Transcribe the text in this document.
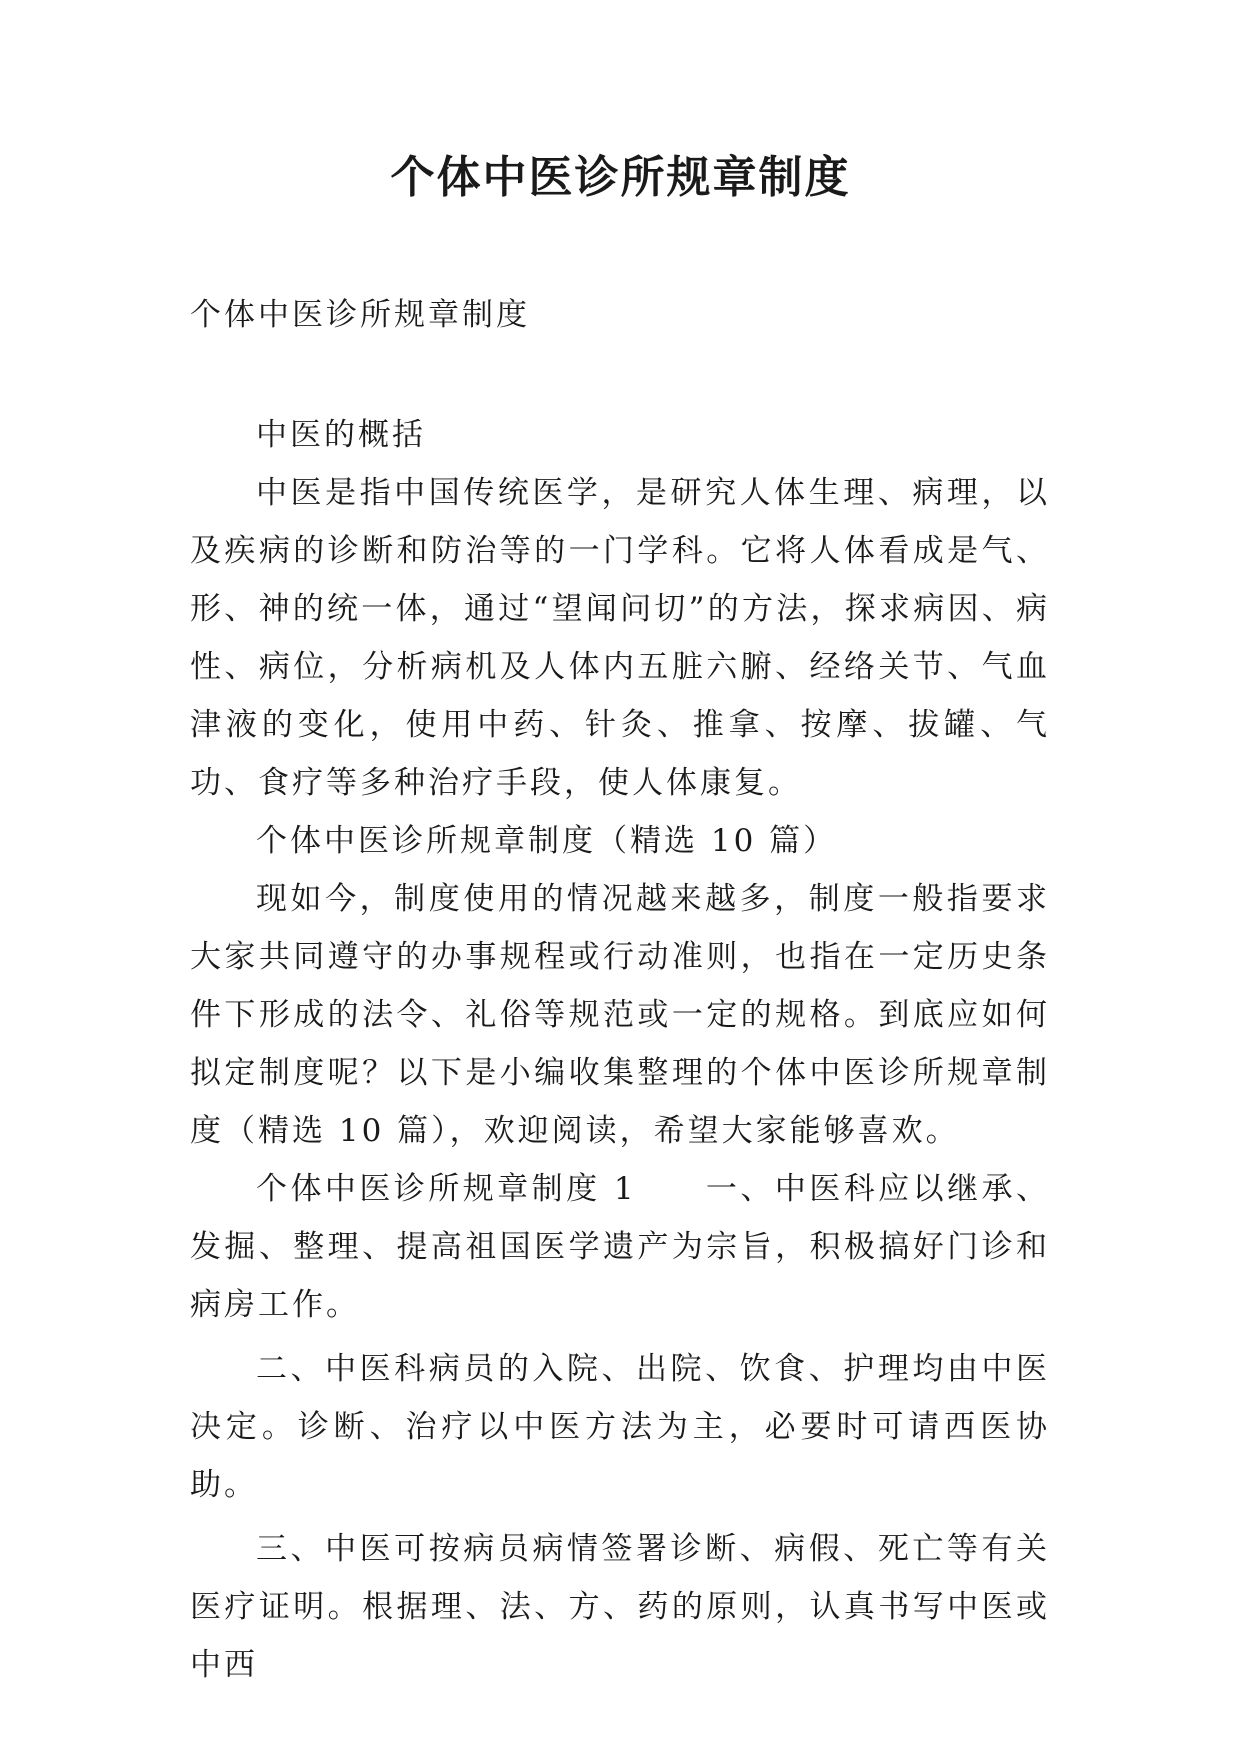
个体中医诊所规章制度

个体中医诊所规章制度

中医的概括

中医是指中国传统医学，是研究人体生理、病理，以及疾病的诊断和防治等的一门学科。它将人体看成是气、形、神的统一体，通过“望闻问切”的方法，探求病因、病性、病位，分析病机及人体内五脏六腑、经络关节、气血津液的变化，使用中药、针灸、推拿、按摩、拔罐、气功、食疗等多种治疗手段，使人体康复。

个体中医诊所规章制度（精选 10 篇）

现如今，制度使用的情况越来越多，制度一般指要求大家共同遵守的办事规程或行动准则，也指在一定历史条件下形成的法令、礼俗等规范或一定的规格。到底应如何拟定制度呢？以下是小编收集整理的个体中医诊所规章制度（精选 10 篇），欢迎阅读，希望大家能够喜欢。

个体中医诊所规章制度 1　　一、中医科应以继承、发掘、整理、提高祖国医学遗产为宗旨，积极搞好门诊和病房工作。

二、中医科病员的入院、出院、饮食、护理均由中医决定。诊断、治疗以中医方法为主，必要时可请西医协助。

三、中医可按病员病情签署诊断、病假、死亡等有关医疗证明。根据理、法、方、药的原则，认真书写中医或中西
